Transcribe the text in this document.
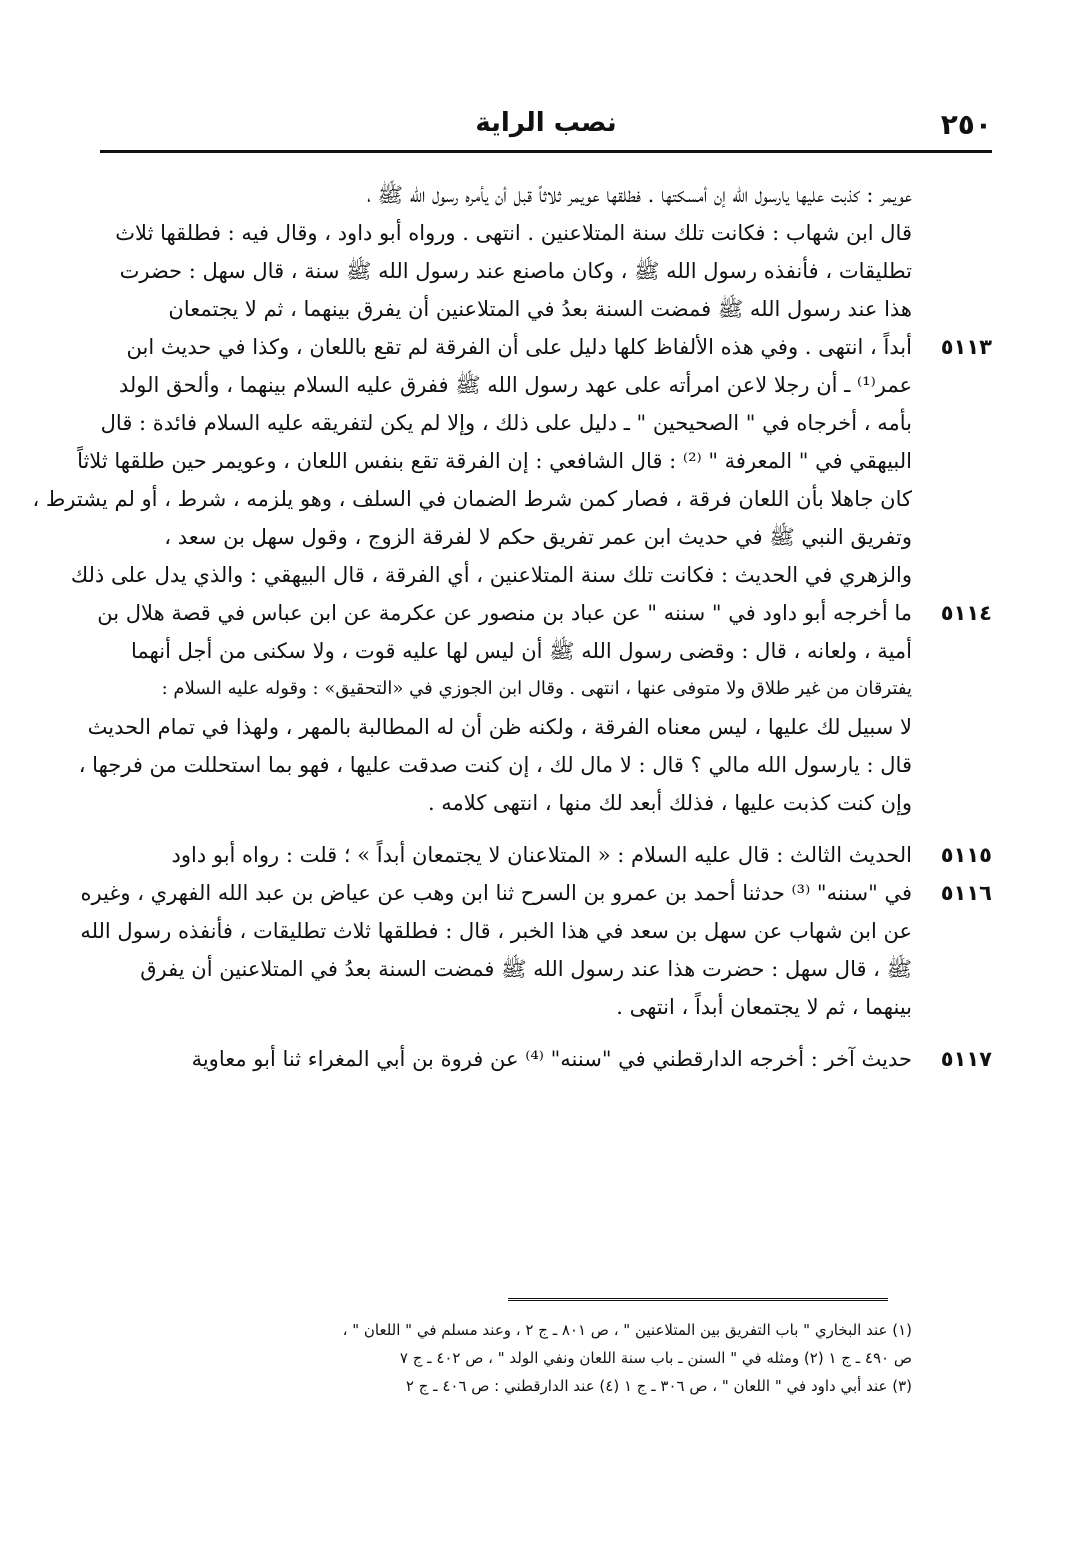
٢٥٠
نصب الراية
عويمر : كذبت عليها يارسول الله إن أمسكتها . فطلقها عويمر ثلاثاً قبل أن يأمره رسول الله ﷺ ،
قال ابن شهاب : فكانت تلك سنة المتلاعنين . انتهى . ورواه أبو داود ، وقال فيه : فطلقها ثلاث
تطليقات ، فأنفذه رسول الله ﷺ ، وكان ماصنع عند رسول الله ﷺ سنة ، قال سهل : حضرت
هذا عند رسول الله ﷺ فمضت السنة بعدُ في المتلاعنين أن يفرق بينهما ، ثم لا يجتمعان
٥١١٣
أبداً ، انتهى . وفي هذه الألفاظ كلها دليل على أن الفرقة لم تقع باللعان ، وكذا في حديث ابن
عمر⁽¹⁾ ـ أن رجلا لاعن امرأته على عهد رسول الله ﷺ ففرق عليه السلام بينهما ، وألحق الولد
بأمه ، أخرجاه في " الصحيحين " ـ دليل على ذلك ، وإلا لم يكن لتفريقه عليه السلام فائدة : قال
البيهقي في " المعرفة " ⁽²⁾ : قال الشافعي : إن الفرقة تقع بنفس اللعان ، وعويمر حين طلقها ثلاثاً
كان جاهلا بأن اللعان فرقة ، فصار كمن شرط الضمان في السلف ، وهو يلزمه ، شرط ، أو لم يشترط ،
وتفريق النبي ﷺ في حديث ابن عمر تفريق حكم لا لفرقة الزوج ، وقول سهل بن سعد ،
والزهري في الحديث : فكانت تلك سنة المتلاعنين ، أي الفرقة ، قال البيهقي : والذي يدل على ذلك
٥١١٤
ما أخرجه أبو داود في " سننه " عن عباد بن منصور عن عكرمة عن ابن عباس في قصة هلال بن
أمية ، ولعانه ، قال : وقضى رسول الله ﷺ أن ليس لها عليه قوت ، ولا سكنى من أجل أنهما
يفترقان من غير طلاق ولا متوفى عنها ، انتهى . وقال ابن الجوزي في «التحقيق» : وقوله عليه السلام :
لا سبيل لك عليها ، ليس معناه الفرقة ، ولكنه ظن أن له المطالبة بالمهر ، ولهذا في تمام الحديث
قال : يارسول الله مالي ؟ قال : لا مال لك ، إن كنت صدقت عليها ، فهو بما استحللت من فرجها ،
وإن كنت كذبت عليها ، فذلك أبعد لك منها ، انتهى كلامه .
٥١١٥
الحديث الثالث : قال عليه السلام : « المتلاعنان لا يجتمعان أبداً » ؛ قلت : رواه أبو داود
٥١١٦
في "سننه" ⁽³⁾ حدثنا أحمد بن عمرو بن السرح ثنا ابن وهب عن عياض بن عبد الله الفهري ، وغيره
عن ابن شهاب عن سهل بن سعد في هذا الخبر ، قال : فطلقها ثلاث تطليقات ، فأنفذه رسول الله
ﷺ ، قال سهل : حضرت هذا عند رسول الله ﷺ فمضت السنة بعدُ في المتلاعنين أن يفرق
بينهما ، ثم لا يجتمعان أبداً ، انتهى .
٥١١٧
حديث آخر : أخرجه الدارقطني في "سننه" ⁽⁴⁾ عن فروة بن أبي المغراء ثنا أبو معاوية
(١) عند البخاري " باب التفريق بين المتلاعنين " ، ص ٨٠١ ـ ج ٢ ، وعند مسلم في " اللعان " ،
ص ٤٩٠ ـ ج ١ (٢) ومثله في " السنن ـ باب سنة اللعان ونفي الولد " ، ص ٤٠٢ ـ ج ٧
(٣) عند أبي داود في " اللعان " ، ص ٣٠٦ ـ ج ١ (٤) عند الدارقطني : ص ٤٠٦ ـ ج ٢
